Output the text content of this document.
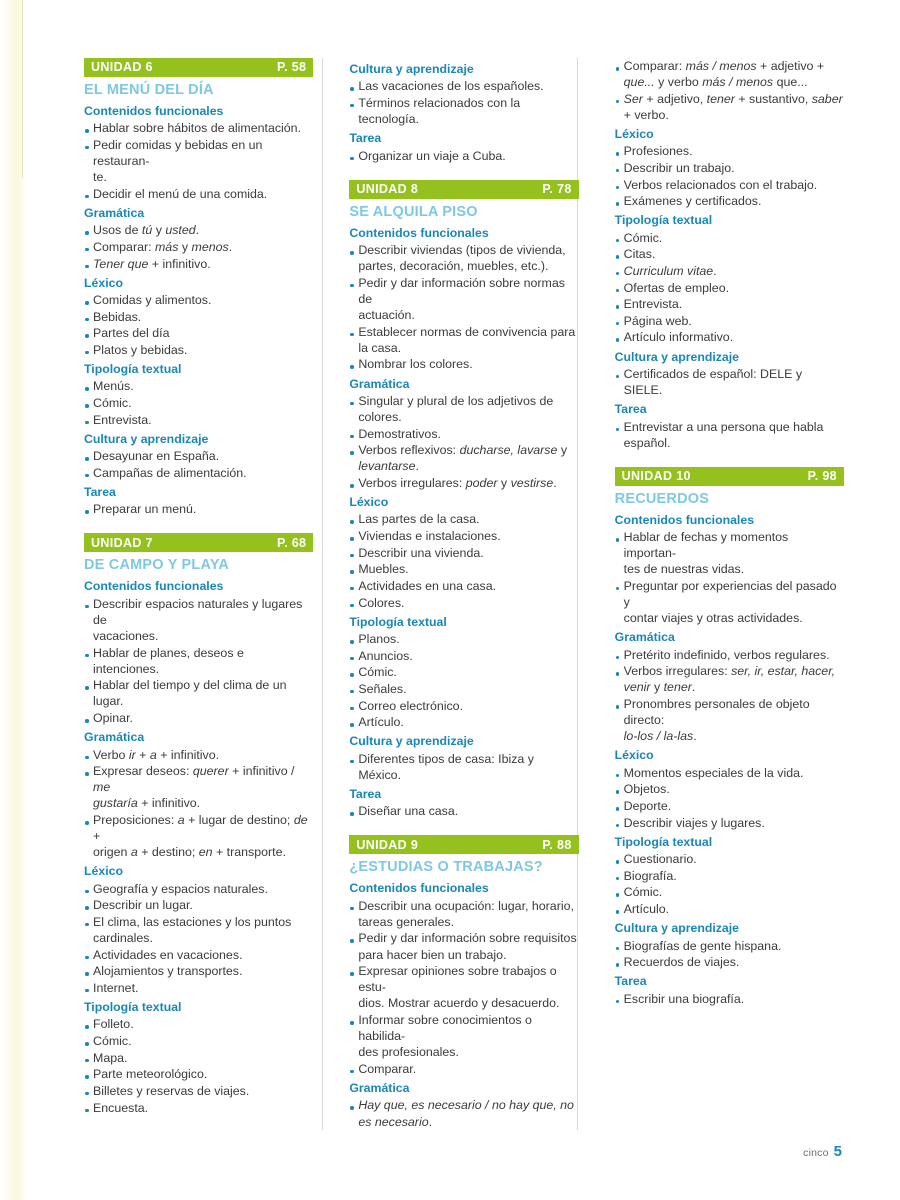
UNIDAD 6	P. 58
EL MENÚ DEL DÍA
Contenidos funcionales
Hablar sobre hábitos de alimentación.
Pedir comidas y bebidas en un restauran-
te.
Decidir el menú de una comida.
Gramática
Usos de tú y usted.
Comparar: más y menos.
Tener que + infinitivo.
Léxico
Comidas y alimentos.
Bebidas.
Partes del día
Platos y bebidas.
Tipología textual
Menús.
Cómic.
Entrevista.
Cultura y aprendizaje
Desayunar en España.
Campañas de alimentación.
Tarea
Preparar un menú.
UNIDAD 7	P. 68
DE CAMPO Y PLAYA
Contenidos funcionales
Describir espacios naturales y lugares de
vacaciones.
Hablar de planes, deseos e intenciones.
Hablar del tiempo y del clima de un lugar.
Opinar.
Gramática
Verbo ir + a + infinitivo.
Expresar deseos: querer + infinitivo / me
gustaría + infinitivo.
Preposiciones: a + lugar de destino; de +
origen a + destino; en + transporte.
Léxico
Geografía y espacios naturales.
Describir un lugar.
El clima, las estaciones y los puntos
cardinales.
Actividades en vacaciones.
Alojamientos y transportes.
Internet.
Tipología textual
Folleto.
Cómic.
Mapa.
Parte meteorológico.
Billetes y reservas de viajes.
Encuesta.
Cultura y aprendizaje
Las vacaciones de los españoles.
Términos relacionados con la tecnología.
Tarea
Organizar un viaje a Cuba.
UNIDAD 8	P. 78
SE ALQUILA PISO
Contenidos funcionales
Describir viviendas (tipos de vivienda,
partes, decoración, muebles, etc.).
Pedir y dar información sobre normas de
actuación.
Establecer normas de convivencia para
la casa.
Nombrar los colores.
Gramática
Singular y plural de los adjetivos de
colores.
Demostrativos.
Verbos reflexivos: ducharse, lavarse y
levantarse.
Verbos irregulares: poder y vestirse.
Léxico
Las partes de la casa.
Viviendas e instalaciones.
Describir una vivienda.
Muebles.
Actividades en una casa.
Colores.
Tipología textual
Planos.
Anuncios.
Cómic.
Señales.
Correo electrónico.
Artículo.
Cultura y aprendizaje
Diferentes tipos de casa: Ibiza y México.
Tarea
Diseñar una casa.
UNIDAD 9	P. 88
¿ESTUDIAS O TRABAJAS?
Contenidos funcionales
Describir una ocupación: lugar, horario,
tareas generales.
Pedir y dar información sobre requisitos
para hacer bien un trabajo.
Expresar opiniones sobre trabajos o estu-
dios. Mostrar acuerdo y desacuerdo.
Informar sobre conocimientos o habilida-
des profesionales.
Comparar.
Gramática
Hay que, es necesario / no hay que, no
es necesario.
Comparar: más / menos + adjetivo +
que... y verbo más / menos que...
Ser + adjetivo, tener + sustantivo, saber
+ verbo.
Léxico
Profesiones.
Describir un trabajo.
Verbos relacionados con el trabajo.
Exámenes y certificados.
Tipología textual
Cómic.
Citas.
Curriculum vitae.
Ofertas de empleo.
Entrevista.
Página web.
Artículo informativo.
Cultura y aprendizaje
Certificados de español: DELE y SIELE.
Tarea
Entrevistar a una persona que habla
español.
UNIDAD 10	P. 98
RECUERDOS
Contenidos funcionales
Hablar de fechas y momentos importan-
tes de nuestras vidas.
Preguntar por experiencias del pasado y
contar viajes y otras actividades.
Gramática
Pretérito indefinido, verbos regulares.
Verbos irregulares: ser, ir, estar, hacer,
venir y tener.
Pronombres personales de objeto directo:
lo-los / la-las.
Léxico
Momentos especiales de la vida.
Objetos.
Deporte.
Describir viajes y lugares.
Tipología textual
Cuestionario.
Biografía.
Cómic.
Artículo.
Cultura y aprendizaje
Biografías de gente hispana.
Recuerdos de viajes.
Tarea
Escribir una biografía.
cinco 5
